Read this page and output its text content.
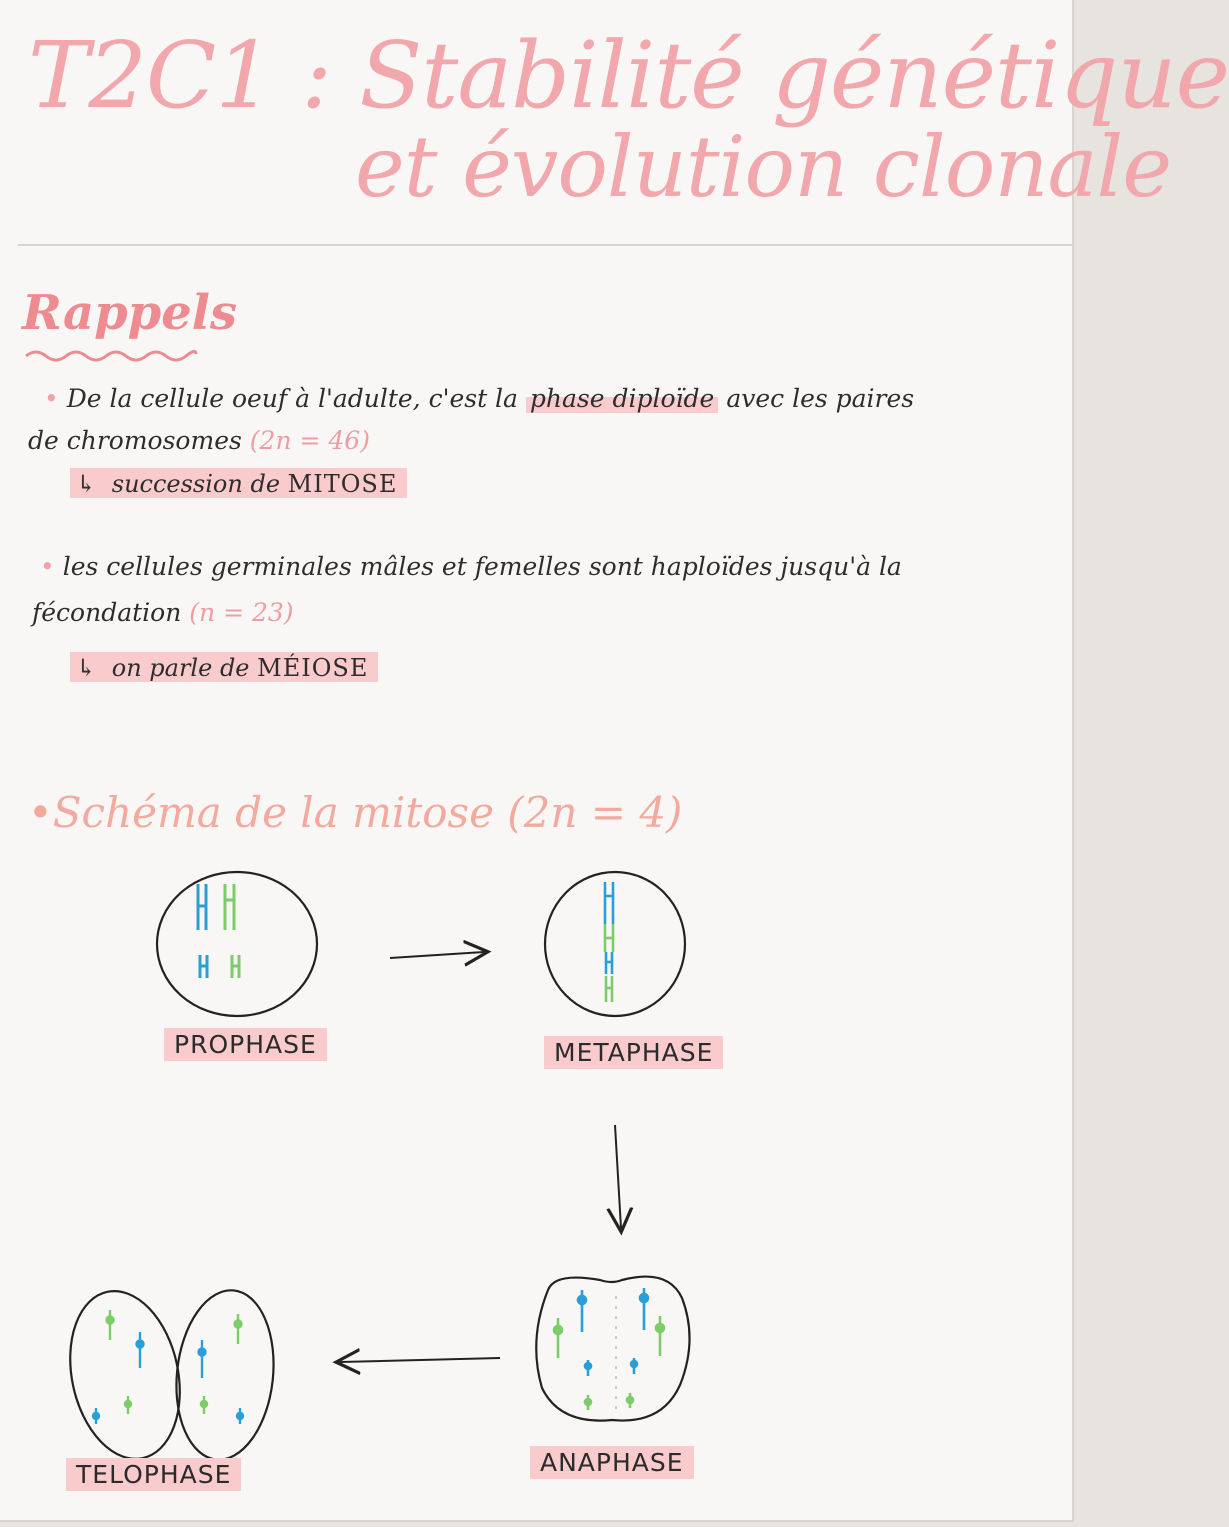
T2C1 : Stabilité génétique
et évolution clonale
Rappels
• De la cellule oeuf à l'adulte, c'est la phase diploïde avec les paires
de chromosomes (2n = 46)
↳ succession de MITOSE
• les cellules germinales mâles et femelles sont haploïdes jusqu'à la
fécondation (n = 23)
↳ on parle de MÉIOSE
•Schéma de la mitose (2n = 4)
PROPHASE	METAPHASE
ANAPHASE
TELOPHASE
